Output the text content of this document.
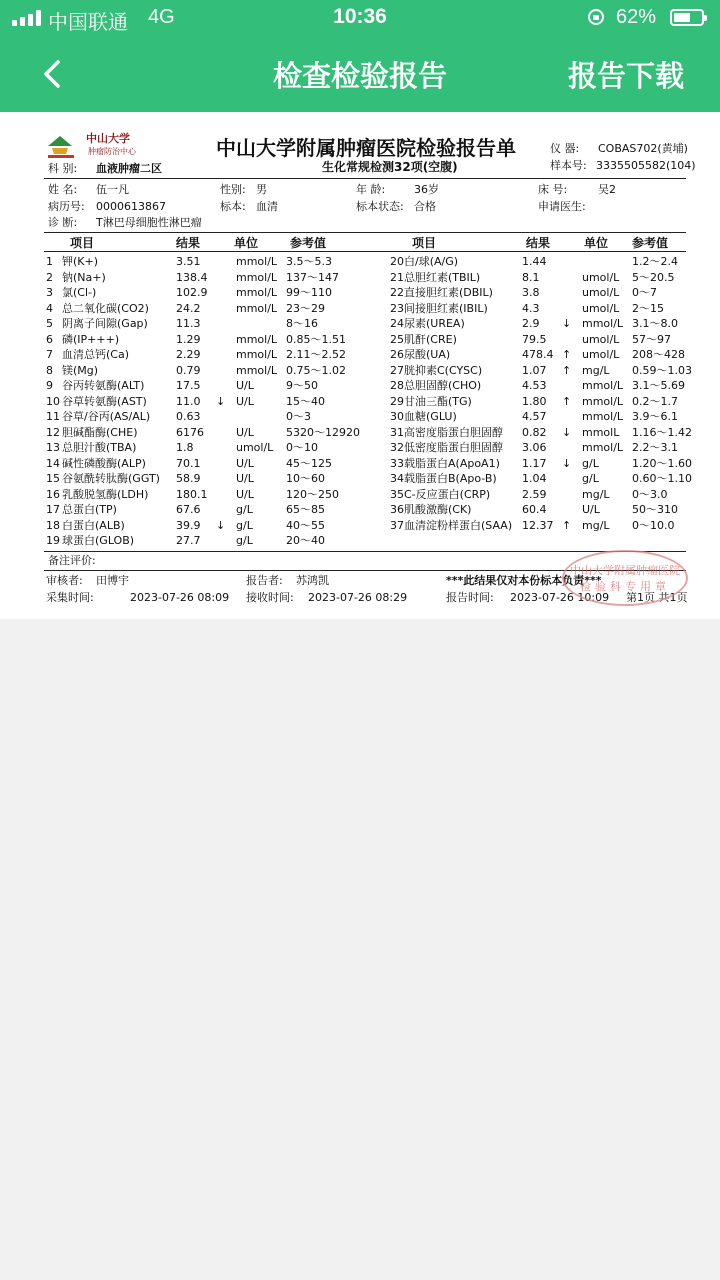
中国联通 4G	10:36	62%
检查检验报告	报告下载
中山大学
肿瘤防治中心	中山大学附属肿瘤医院检验报告单
生化常规检测32项(空腹)
仪 器: COBAS702(黄埔)
样本号: 3335505582(104)
科 别: 血液肿瘤二区
姓 名: 伍一凡	性别: 男	年 龄:	36岁	床 号:	吴2
病历号: 0000613867	标本: 血清	标本状态: 合格	申请医生:
诊 断: T淋巴母细胞性淋巴瘤
项目	结果	单位	参考值	项目	结果	单位 参考值
1 钾(K+)	3.51	mmol/L 3.5～5.3
2 钠(Na+)	138.4	mmol/L 137～147
3 氯(Cl-)	102.9	mmol/L 99～110
4 总二氧化碳(CO2) 24.2	mmol/L 23～29
5 阴离子间隙(Gap)	11.3	8～16
6 磷(IP+++)	1.29	mmol/L 0.85～1.51
7 血清总钙(Ca)	2.29	mmol/L 2.11～2.52
8 镁(Mg)	0.79	mmol/L 0.75～1.02
9 谷丙转氨酶(ALT)	17.5	U/L	9～50
10 谷草转氨酶(AST)	11.0 ↓ U/L	15～40
11 谷草/谷丙(AS/AL) 0.63	0～3
12 胆碱酯酶(CHE)	6176	U/L	5320～12920
13 总胆汁酸(TBA)	1.8	umol/L 0～10
14 碱性磷酸酶(ALP)	70.1	U/L	45～125
15 谷氨酰转肽酶(GGT) 58.9	U/L	10～60
16 乳酸脱氢酶(LDH)	180.1	U/L	120～250
17 总蛋白(TP)	67.6	g/L	65～85
18 白蛋白(ALB)	39.9 ↓ g/L	40～55
19 球蛋白(GLOB)	27.7	g/L	20～40
20 白/球(A/G)	1.44	1.2～2.4
21 总胆红素(TBIL)	8.1	umol/L 5～20.5
22 直接胆红素(DBIL)	3.8	umol/L 0～7
23 间接胆红素(IBIL)	4.3	umol/L 2～15
24 尿素(UREA)	2.9 ↓ mmol/L 3.1～8.0
25 肌酐(CRE)	79.5	umol/L 57～97
26 尿酸(UA)	478.4 ↑ umol/L 208～428
27 胱抑素C(CYSC)	1.07 ↑ mg/L 0.59～1.03
28 总胆固醇(CHO)	4.53	mmol/L 3.1～5.69
29 甘油三酯(TG)	1.80 ↑ mmol/L 0.2～1.7
30 血糖(GLU)	4.57	mmol/L 3.9～6.1
31 高密度脂蛋白胆固醇 0.82 ↓ mmolL 1.16～1.42
32 低密度脂蛋白胆固醇 3.06	mmol/L 2.2～3.1
33 载脂蛋白A(ApoA1) 1.17 ↓ g/L	1.20～1.60
34 载脂蛋白B(Apo-B) 1.04	g/L	0.60～1.10
35 C-反应蛋白(CRP)	2.59	mg/L 0～3.0
36 肌酸激酶(CK)	60.4	U/L	50～310
37 血清淀粉样蛋白(SAA) 12.37 ↑ mg/L 0～10.0
备注评价:
审核者: 田博宇	报告者: 苏鸿凯	***此结果仅对本份标本负责***
采集时间:	2023-07-26 08:09 接收时间: 2023-07-26 08:29	报告时间: 2023-07-26 10:09 第1页 共1页
中山大学附属肿瘤医院
检验科专用章
